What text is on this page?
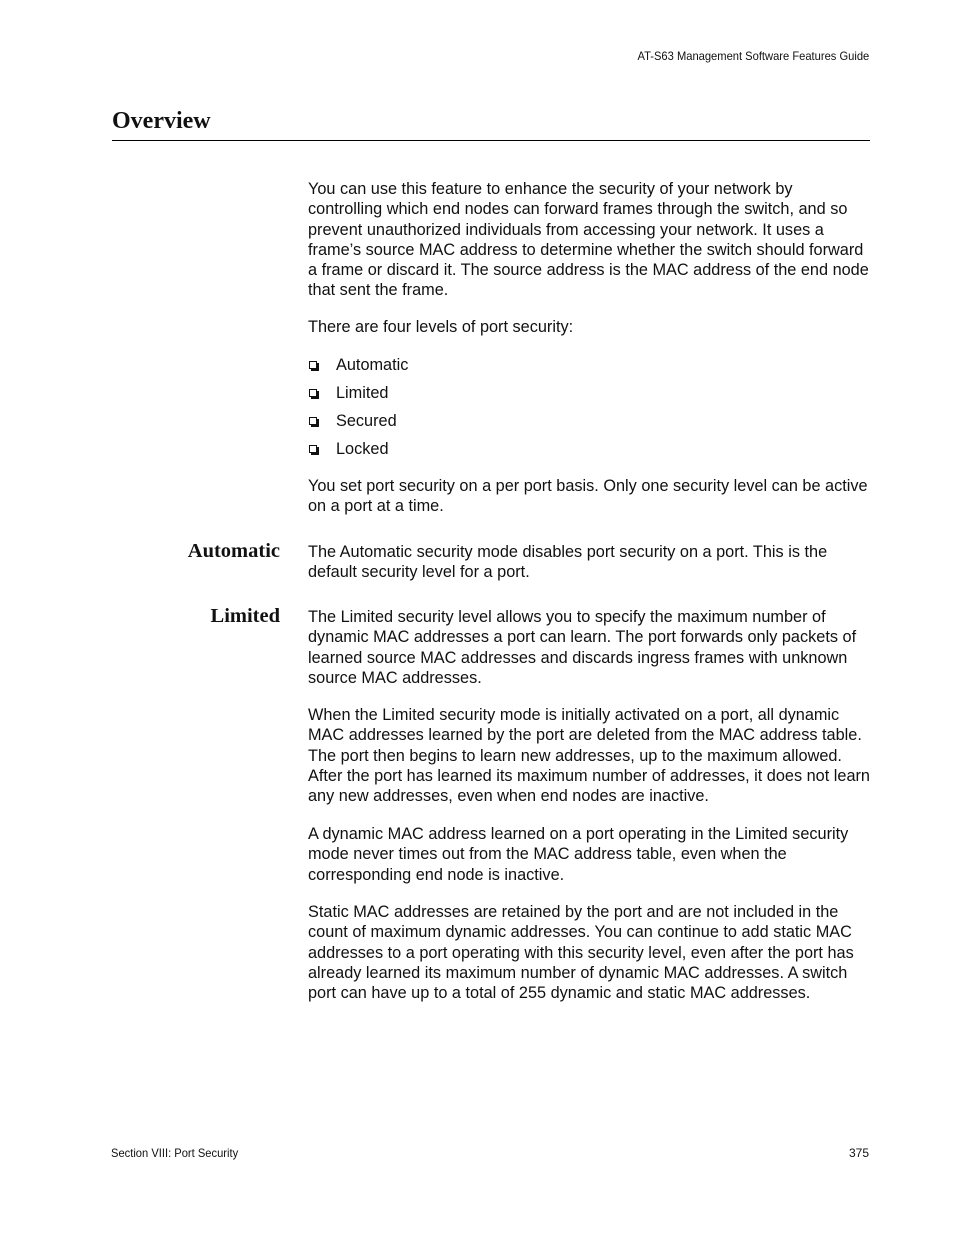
AT-S63 Management Software Features Guide
Overview

You can use this feature to enhance the security of your network by controlling which end nodes can forward frames through the switch, and so prevent unauthorized individuals from accessing your network. It uses a frame’s source MAC address to determine whether the switch should forward a frame or discard it. The source address is the MAC address of the end node that sent the frame.

There are four levels of port security:

Automatic
Limited
Secured
Locked

You set port security on a per port basis. Only one security level can be active on a port at a time.

Automatic The Automatic security mode disables port security on a port. This is the default security level for a port.

Limited The Limited security level allows you to specify the maximum number of dynamic MAC addresses a port can learn. The port forwards only packets of learned source MAC addresses and discards ingress frames with unknown source MAC addresses.

When the Limited security mode is initially activated on a port, all dynamic MAC addresses learned by the port are deleted from the MAC address table. The port then begins to learn new addresses, up to the maximum allowed. After the port has learned its maximum number of addresses, it does not learn any new addresses, even when end nodes are inactive.

A dynamic MAC address learned on a port operating in the Limited security mode never times out from the MAC address table, even when the corresponding end node is inactive.

Static MAC addresses are retained by the port and are not included in the count of maximum dynamic addresses. You can continue to add static MAC addresses to a port operating with this security level, even after the port has already learned its maximum number of dynamic MAC addresses. A switch port can have up to a total of 255 dynamic and static MAC addresses.

Section VIII: Port Security	375
